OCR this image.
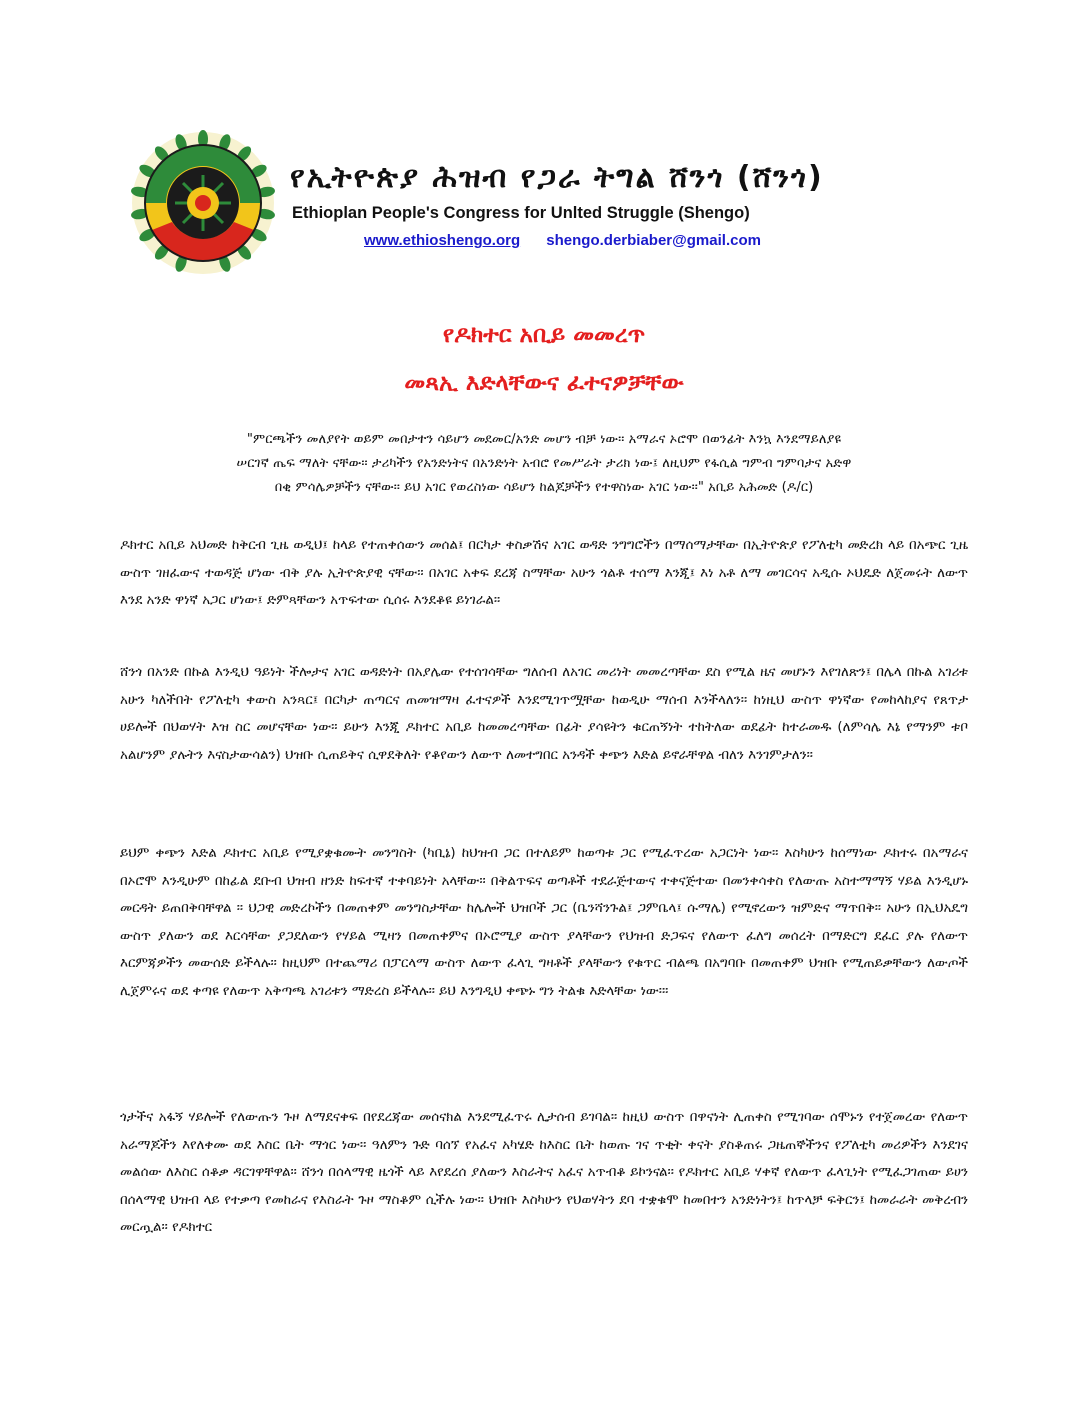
የኢትዮጵያ ሕዝብ የጋራ ትግል ሸንጎ (ሸንጎ)
Ethioplan People's Congress for Unlted Struggle (Shengo)
www.ethioshengo.org shengo.derbiaber@gmail.com
የዶክተር አቢይ መመረጥ
መጻኢ እድላቸውና ፈተናዎቻቸው
"ምርጫችን መለያየት ወይም መበታተን ሳይሆን መደመር/አንድ መሆን ብቻ ነው፡፡ አማራና ኦሮሞ በወንፊት እንኳ እንደማይለያዩ
ሠርገኛ ጤፍ ማለት ናቸው፡፡ ታሪካችን የአንድነትና በአንድነት አብሮ የመሥራት ታሪክ ነው፤ ለዚህም የፋሲል ግምብ ግምባታና አድዋ
በቂ ምሳሌዎቻችን ናቸው፡፡ ይህ አገር የወረስነው ሳይሆን ከልጆቻችን የተዋስነው አገር ነው፡፡" አቢይ አሕመድ (ዶ/ር)
ዶክተር አቢይ አህመድ ከቅርብ ጊዜ ወዲህ፤ ከላይ የተጠቀሰውን መሰል፤ በርካታ ቀስቃሽና አገር ወዳድ ንግግሮችን በማሰማታቸው በኢትዮጵያ የፖለቲካ መድረክ ላይ በአጭር ጊዜ ውስጥ ገዘፈውና ተወዳጅ ሆነው ብቅ ያሉ ኢትዮጵያዊ ናቸው፡፡ በአገር አቀፍ ደረጃ ስማቸው አሁን ጎልቶ ተሰማ እንጂ፤ እነ አቶ ለማ መገርሳና አዲሱ ኦህዴድ ለጀመሩት ለውጥ እንደ አንድ ዋነኛ አጋር ሆነው፤ ድምጻቸውን አጥፍተው ሲሰሩ እንደቆዩ ይነገራል፡፡
ሸንጎ በአንድ በኩል እንዲህ ዓይነት ችሎታና አገር ወዳድነት በአያሌው የተሰገሳቸው ግለሰብ ለአገር መሪነት መመረጣቸው ደስ የሚል ዜና መሆኑን እየገለጽን፤ በሌላ በኩል አገሪቱ አሁን ካለችበት የፖለቲካ ቀውስ አንጻር፤ በርካታ ጠጣርና ጠመዝማዛ ፈተናዎች እንደሚገጥሟቸው ከወዲሁ ማሰብ እንችላለን፡፡ ከነዚህ ውስጥ ዋነኛው የመከላከያና የጸጥታ ሀይሎች በህወሃት እዝ ስር መሆናቸው ነው፡፡ ይሁን እንጂ ዶክተር አቢይ ከመመረጣቸው በፊት ያሳዩትን ቁርጠኝነት ተከትለው ወደፊት ከተራመዱ (ለምሳሌ እኔ የማንም ቱቦ አልሆንም ያሉትን እናስታውሳልን) ህዝቡ ሲጠይቅና ሲዋደቅለት የቆየውን ለውጥ ለመተግበር አንዳች ቀጭን እድል ይኖራቸዋል ብለን እንገምታለን፡፡
ይህም ቀጭን እድል ዶክተር አቢይ የሚያቋቁሙት መንግስት (ካቢኔ) ከህዝብ ጋር በተለይም ከወጣቱ ጋር የሚፈጥረው አጋርነት ነው፡፡ እስካሁን ከሰማነው ዶክተሩ በአማራና በኦሮሞ እንዲሁም በከፊል ደቡብ ህዝብ ዘንድ ከፍተኛ ተቀባይነት አላቸው፡፡ በቅልጥፍና ወጣቶች ተደራጅተውና ተቀናጅተው በመንቀሳቀስ የለውጡ አስተማማኝ ሃይል እንዲሆኑ መርዳት ይጠበቅባቸዋል ፡፡ ህጋዊ መድረኮችን በመጠቀም መንግስታቸው ከሌሎች ህዝቦች ጋር (ቤንሻንጉል፤ ጋምቤላ፤ ሱማሌ) የሚኖረውን ዝምድና ማጥበቅ፡፡ አሁን በኢህአዴግ ውስጥ ያለውን ወደ እርሳቸው ያጋደለውን የሃይል ሚዛን በመጠቀምና በኦሮሚያ ውስጥ ያላቸውን የህዝብ ድጋፍና የለውጥ ፈለግ መሰረት በማድርግ ደፈር ያሉ የለውጥ እርምጃዎችን መውሰድ ይችላሉ፡፡ ከዚህም በተጨማሪ በፓርላማ ውስጥ ለውጥ ፈላጊ ግዛቶች ያላቸውን የቁጥር ብልጫ በአግባቡ በመጠቀም ህዝቡ የሚጠይቃቸውን ለውጦች ሊጀምሩና ወደ ቀጣዩ የለውጥ አቅጣጫ አገሪቱን ማድረስ ይችላሉ፡፡ ይህ እንግዲህ ቀጭኑ ግን ትልቁ እድላቸው ነው፡፡፡
ጎታችና አፋኝ ሃይሎች የለውጡን ጉዞ ለማደናቀፍ በየደረጃው መሰናክል እንደሚፈጥሩ ሊታሰብ ይገባል፡፡ ከዚህ ውስጥ በዋናነት ሊጠቀስ የሚገባው ሰሞኑን የተጀመረው የለውጥ አራማጆችን እየለቀሙ ወደ እስር ቤት ማጎር ነው፡፡ ዓለምን ጉድ ባሰኘ የአፈና አካሄድ ከእስር ቤት ከወጡ ገና ጥቂት ቀናት ያስቆጠሩ ጋዜጠኞችንና የፖለቲካ መሪዎችን እንደገና መልሰው ለእስር ሰቆቃ ዳርገዋቸዋል፡፡ ሸንጎ በሰላማዊ ዜጎች ላይ እየደረሰ ያለውን እስራትና አፈና አጥብቆ ይኮንናል፡፡ የዶክተር አቢይ ሃቀኛ የለውጥ ፈላጊነት የሚፈጋገጠው ይሀን በሰላማዊ ህዝብ ላይ የተቃጣ የመከራና የእስራት ጉዞ ማስቆም ሲችሉ ነው፡፡ ህዝቡ እስካሁን የህወሃትን ደባ ተቋቁሞ ከመበተን አንድነትን፤ ከጥላቻ ፍቅርን፤ ከመራራት መቅረብን መርጧል፡፡ የዶክተር
